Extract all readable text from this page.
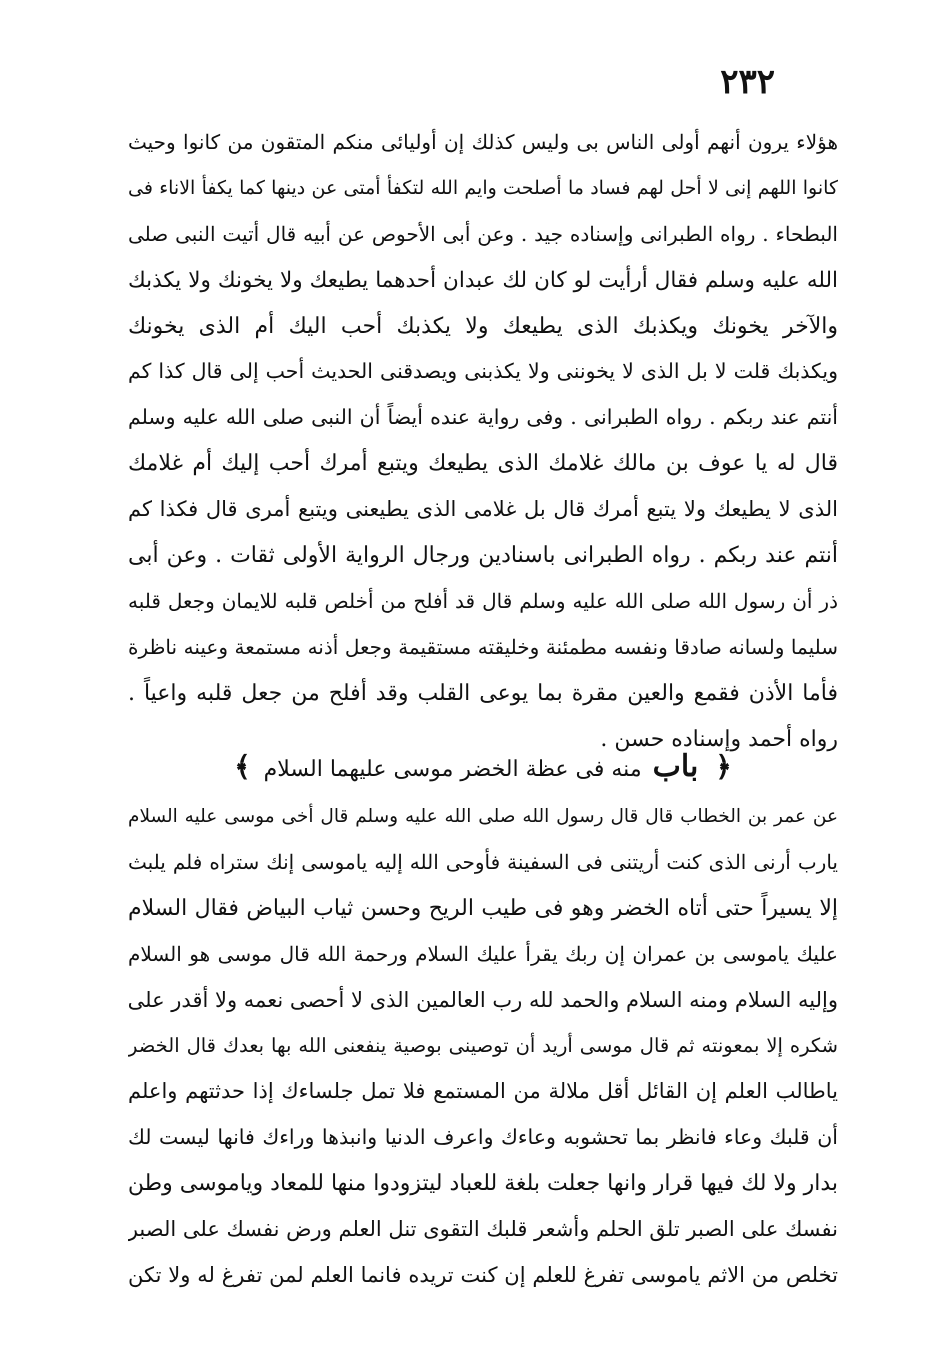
٢٣٢
هؤلاء يرون أنهم أولى الناس بى وليس كذلك إن أوليائى منكم المتقون من كانوا وحيث
كانوا اللهم إنى لا أحل لهم فساد ما أصلحت وايم الله لتكفأ أمتى عن دينها كما يكفأ الاناء فى
البطحاء . رواه الطبرانى وإسناده جيد . وعن أبى الأحوص عن أبيه قال أتيت النبى صلى
الله عليه وسلم فقال أرأيت لو كان لك عبدان أحدهما يطيعك ولا يخونك ولا يكذبك
والآخر يخونك ويكذبك الذى يطيعك ولا يكذبك أحب اليك أم الذى يخونك
ويكذبك قلت لا بل الذى لا يخوننى ولا يكذبنى ويصدقنى الحديث أحب إلى قال كذا كم
أنتم عند ربكم . رواه الطبرانى . وفى رواية عنده أيضاً أن النبى صلى الله عليه وسلم
قال له يا عوف بن مالك غلامك الذى يطيعك ويتبع أمرك أحب إليك أم غلامك
الذى لا يطيعك ولا يتبع أمرك قال بل غلامى الذى يطيعنى ويتبع أمرى قال فكذا كم
أنتم عند ربكم . رواه الطبرانى باسنادين ورجال الرواية الأولى ثقات . وعن أبى
ذر أن رسول الله صلى الله عليه وسلم قال قد أفلح من أخلص قلبه للايمان وجعل قلبه
سليما ولسانه صادقا ونفسه مطمئنة وخليقته مستقيمة وجعل أذنه مستمعة وعينه ناظرة
فأما الأذن فقمع والعين مقرة بما يوعى القلب وقد أفلح من جعل قلبه واعياً .
رواه أحمد وإسناده حسن .
﴿ باب منه فى عظة الخضر موسى عليهما السلام ﴾
عن عمر بن الخطاب قال قال رسول الله صلى الله عليه وسلم قال أخى موسى عليه السلام
يارب أرنى الذى كنت أريتنى فى السفينة فأوحى الله إليه ياموسى إنك ستراه فلم يلبث
إلا يسيراً حتى أتاه الخضر وهو فى طيب الريح وحسن ثياب البياض فقال السلام
عليك ياموسى بن عمران إن ربك يقرأ عليك السلام ورحمة الله قال موسى هو السلام
وإليه السلام ومنه السلام والحمد لله رب العالمين الذى لا أحصى نعمه ولا أقدر على
شكره إلا بمعونته ثم قال موسى أريد أن توصينى بوصية ينفعنى الله بها بعدك قال الخضر
ياطالب العلم إن القائل أقل ملالة من المستمع فلا تمل جلساءك إذا حدثتهم واعلم
أن قلبك وعاء فانظر بما تحشوبه وعاءك واعرف الدنيا وانبذها وراءك فانها ليست لك
بدار ولا لك فيها قرار وانها جعلت بلغة للعباد ليتزودوا منها للمعاد وياموسى وطن
نفسك على الصبر تلق الحلم وأشعر قلبك التقوى تنل العلم ورض نفسك على الصبر
تخلص من الاثم ياموسى تفرغ للعلم إن كنت تريده فانما العلم لمن تفرغ له ولا تكن
